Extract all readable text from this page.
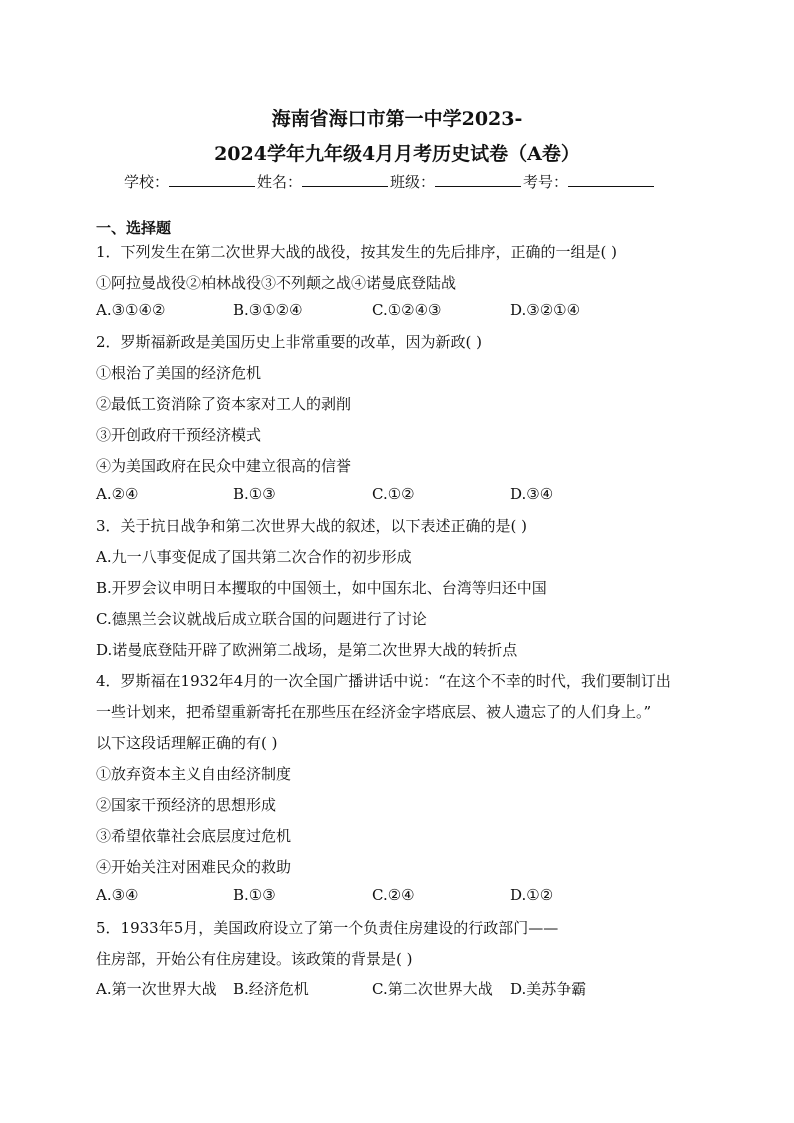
海南省海口市第一中学2023-
2024学年九年级4月月考历史试卷（A卷）
学校：	姓名：	班级：	考号：
一、选择题
1．下列发生在第二次世界大战的战役，按其发生的先后排序，正确的一组是( )
①阿拉曼战役②柏林战役③不列颠之战④诺曼底登陆战
A.③①④②	B.③①②④	C.①②④③	D.③②①④
2．罗斯福新政是美国历史上非常重要的改革，因为新政( )
①根治了美国的经济危机
②最低工资消除了资本家对工人的剥削
③开创政府干预经济模式
④为美国政府在民众中建立很高的信誉
A.②④	B.①③	C.①②	D.③④
3．关于抗日战争和第二次世界大战的叙述，以下表述正确的是( )
A.九一八事变促成了国共第二次合作的初步形成
B.开罗会议申明日本攫取的中国领土，如中国东北、台湾等归还中国
C.德黑兰会议就战后成立联合国的问题进行了讨论
D.诺曼底登陆开辟了欧洲第二战场，是第二次世界大战的转折点
4．罗斯福在1932年4月的一次全国广播讲话中说：“在这个不幸的时代，我们要制订出
一些计划来，把希望重新寄托在那些压在经济金字塔底层、被人遗忘了的人们身上。”
以下这段话理解正确的有( )
①放弃资本主义自由经济制度
②国家干预经济的思想形成
③希望依靠社会底层度过危机
④开始关注对困难民众的救助
A.③④	B.①③	C.②④	D.①②
5．1933年5月，美国政府设立了第一个负责住房建设的行政部门——
住房部，开始公有住房建设。该政策的背景是( )
A.第一次世界大战 B.经济危机	C.第二次世界大战 D.美苏争霸
